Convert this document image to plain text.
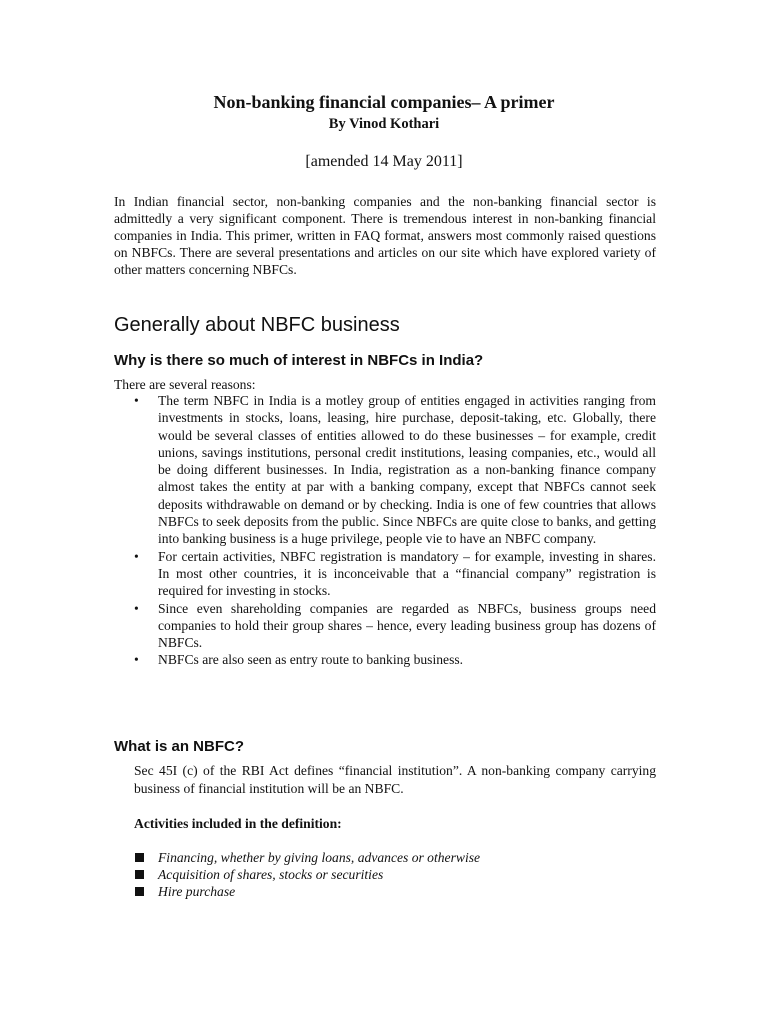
Non-banking financial companies– A primer
By Vinod Kothari
[amended 14 May 2011]

In Indian financial sector, non-banking companies and the non-banking financial sector is admittedly a very significant component. There is tremendous interest in non-banking financial companies in India. This primer, written in FAQ format, answers most commonly raised questions on NBFCs. There are several presentations and articles on our site which have explored variety of other matters concerning NBFCs.

Generally about NBFC business
Why is there so much of interest in NBFCs in India?

There are several reasons:

• The term NBFC in India is a motley group of entities engaged in activities ranging from investments in stocks, loans, leasing, hire purchase, deposit-taking, etc. Globally, there would be several classes of entities allowed to do these businesses – for example, credit unions, savings institutions, personal credit institutions, leasing companies, etc., would all be doing different businesses. In India, registration as a non-banking finance company almost takes the entity at par with a banking company, except that NBFCs cannot seek deposits withdrawable on demand or by checking. India is one of few countries that allows NBFCs to seek deposits from the public. Since NBFCs are quite close to banks, and getting into banking business is a huge privilege, people vie to have an NBFC company.
• For certain activities, NBFC registration is mandatory – for example, investing in shares. In most other countries, it is inconceivable that a “financial company” registration is required for investing in stocks.
• Since even shareholding companies are regarded as NBFCs, business groups need companies to hold their group shares – hence, every leading business group has dozens of NBFCs.
• NBFCs are also seen as entry route to banking business.
What is an NBFC?

Sec 45I (c) of the RBI Act defines “financial institution”. A non-banking company carrying business of financial institution will be an NBFC.

Activities included in the definition:

Financing, whether by giving loans, advances or otherwise
Acquisition of shares, stocks or securities
Hire purchase
